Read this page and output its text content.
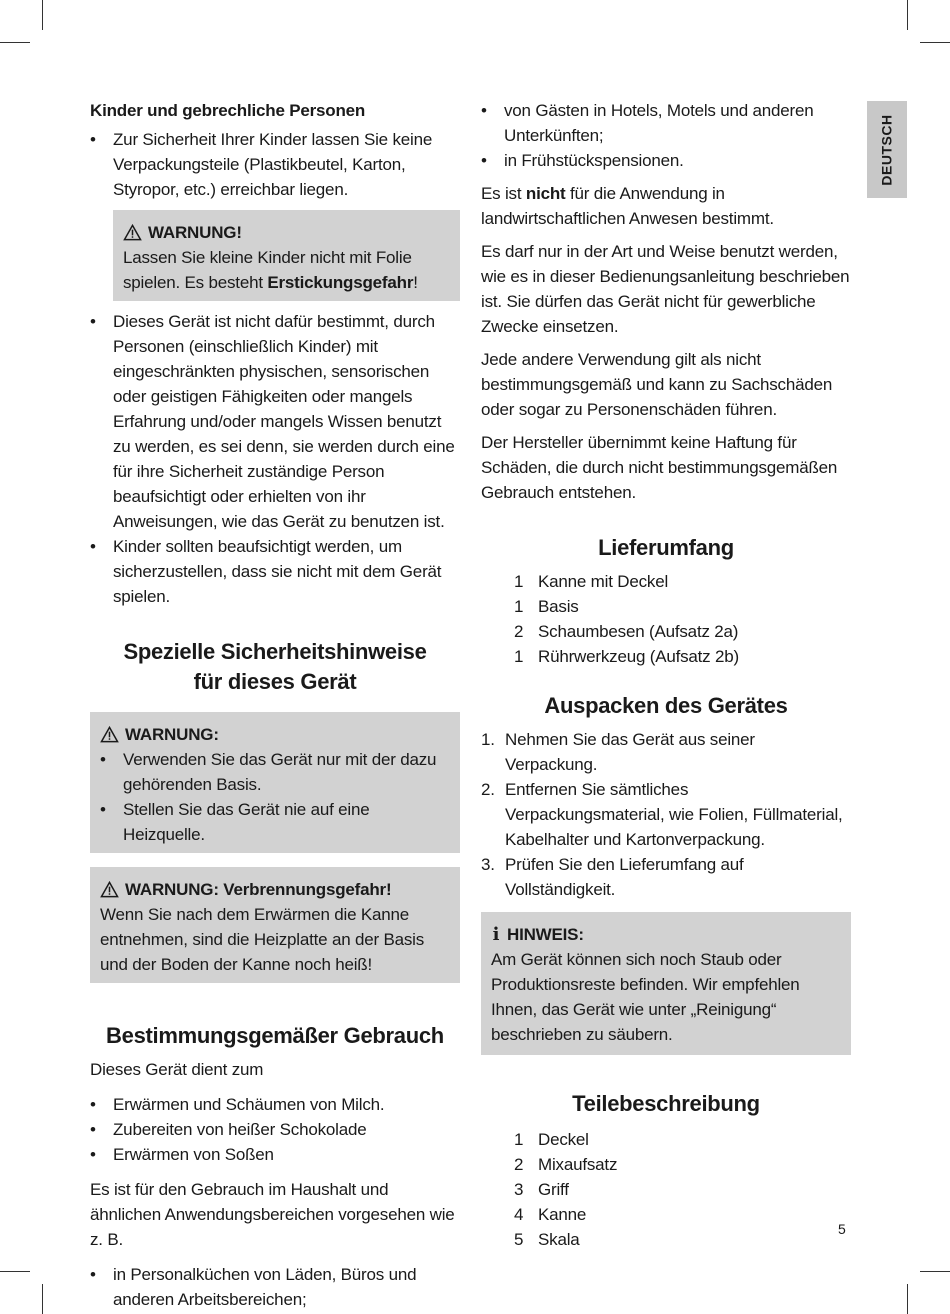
DEUTSCH

Kinder und gebrechliche Personen

• Zur Sicherheit Ihrer Kinder lassen Sie keine Verpackungsteile (Plastikbeutel, Karton, Styropor, etc.) erreichbar liegen.
WARNUNG!
Lassen Sie kleine Kinder nicht mit Folie spielen. Es besteht Erstickungsgefahr!
• Dieses Gerät ist nicht dafür bestimmt, durch Personen (einschließlich Kinder) mit eingeschränkten physischen, sensorischen oder geistigen Fähigkeiten oder mangels Erfahrung und/oder mangels Wissen benutzt zu werden, es sei denn, sie werden durch eine für ihre Sicherheit zuständige Person beaufsichtigt oder erhielten von ihr Anweisungen, wie das Gerät zu benutzen ist.
• Kinder sollten beaufsichtigt werden, um sicherzustellen, dass sie nicht mit dem Gerät spielen.
Spezielle Sicherheitshinweise
für dieses Gerät
WARNUNG:
• Verwenden Sie das Gerät nur mit der dazu gehörenden Basis.
• Stellen Sie das Gerät nie auf eine Heizquelle.
WARNUNG: Verbrennungsgefahr!
Wenn Sie nach dem Erwärmen die Kanne entnehmen, sind die Heizplatte an der Basis und der Boden der Kanne noch heiß!
Bestimmungsgemäßer Gebrauch

Dieses Gerät dient zum

• Erwärmen und Schäumen von Milch.
• Zubereiten von heißer Schokolade
• Erwärmen von Soßen

Es ist für den Gebrauch im Haushalt und ähnlichen Anwendungsbereichen vorgesehen wie z. B.

• in Personalküchen von Läden, Büros und anderen Arbeitsbereichen;
• von Gästen in Hotels, Motels und anderen Unterkünften;
• in Frühstückspensionen.

Es ist nicht für die Anwendung in landwirtschaftlichen Anwesen bestimmt.

Es darf nur in der Art und Weise benutzt werden, wie es in dieser Bedienungsanleitung beschrieben ist. Sie dürfen das Gerät nicht für gewerbliche Zwecke einsetzen.

Jede andere Verwendung gilt als nicht bestimmungsgemäß und kann zu Sachschäden oder sogar zu Personenschäden führen.

Der Hersteller übernimmt keine Haftung für Schäden, die durch nicht bestimmungsgemäßen Gebrauch entstehen.

Lieferumfang
1 Kanne mit Deckel
1 Basis
2 Schaumbesen (Aufsatz 2a)
1 Rührwerkzeug (Aufsatz 2b)
Auspacken des Gerätes
1. Nehmen Sie das Gerät aus seiner Verpackung.
2. Entfernen Sie sämtliches Verpackungsmaterial, wie Folien, Füllmaterial, Kabelhalter und Kartonverpackung.
3. Prüfen Sie den Lieferumfang auf Vollständigkeit.
i HINWEIS:
Am Gerät können sich noch Staub oder Produktionsreste befinden. Wir empfehlen Ihnen, das Gerät wie unter „Reinigung“ beschrieben zu säubern.
Teilebeschreibung
1 Deckel
2 Mixaufsatz
3 Griff
4 Kanne
5 Skala
5
